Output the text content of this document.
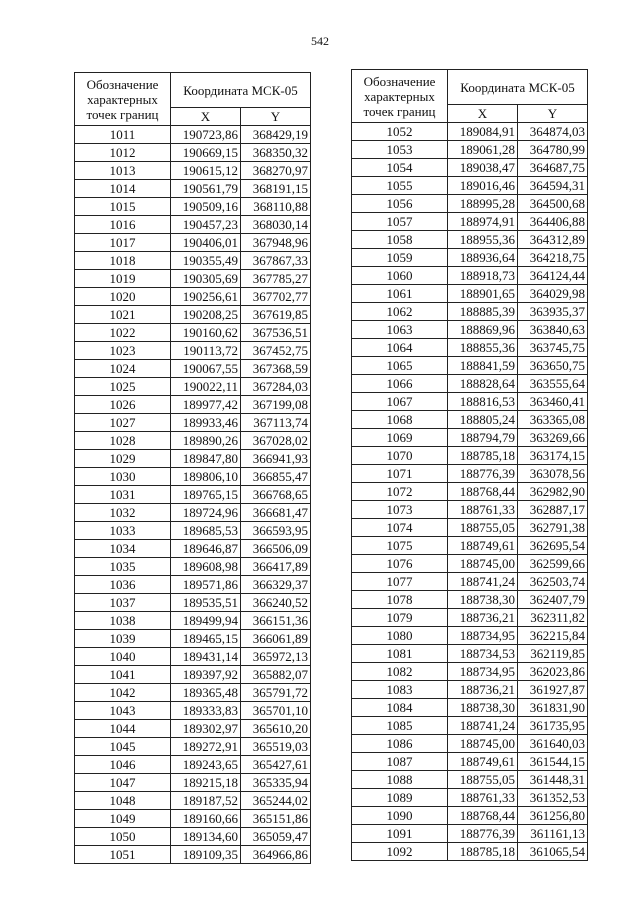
542
Обозначение характерных точек границ	Координата МСК-05	
	X	Y
1011	190723,86	368429,19
1012	190669,15	368350,32
1013	190615,12	368270,97
1014	190561,79	368191,15
1015	190509,16	368110,88
1016	190457,23	368030,14
1017	190406,01	367948,96
1018	190355,49	367867,33
1019	190305,69	367785,27
1020	190256,61	367702,77
1021	190208,25	367619,85
1022	190160,62	367536,51
1023	190113,72	367452,75
1024	190067,55	367368,59
1025	190022,11	367284,03
1026	189977,42	367199,08
1027	189933,46	367113,74
1028	189890,26	367028,02
1029	189847,80	366941,93
1030	189806,10	366855,47
1031	189765,15	366768,65
1032	189724,96	366681,47
1033	189685,53	366593,95
1034	189646,87	366506,09
1035	189608,98	366417,89
1036	189571,86	366329,37
1037	189535,51	366240,52
1038	189499,94	366151,36
1039	189465,15	366061,89
1040	189431,14	365972,13
1041	189397,92	365882,07
1042	189365,48	365791,72
1043	189333,83	365701,10
1044	189302,97	365610,20
1045	189272,91	365519,03
1046	189243,65	365427,61
1047	189215,18	365335,94
1048	189187,52	365244,02
1049	189160,66	365151,86
1050	189134,60	365059,47
1051	189109,35	364966,86
Обозначение характерных точек границ	Координата МСК-05	
	X	Y
1052	189084,91	364874,03
1053	189061,28	364780,99
1054	189038,47	364687,75
1055	189016,46	364594,31
1056	188995,28	364500,68
1057	188974,91	364406,88
1058	188955,36	364312,89
1059	188936,64	364218,75
1060	188918,73	364124,44
1061	188901,65	364029,98
1062	188885,39	363935,37
1063	188869,96	363840,63
1064	188855,36	363745,75
1065	188841,59	363650,75
1066	188828,64	363555,64
1067	188816,53	363460,41
1068	188805,24	363365,08
1069	188794,79	363269,66
1070	188785,18	363174,15
1071	188776,39	363078,56
1072	188768,44	362982,90
1073	188761,33	362887,17
1074	188755,05	362791,38
1075	188749,61	362695,54
1076	188745,00	362599,66
1077	188741,24	362503,74
1078	188738,30	362407,79
1079	188736,21	362311,82
1080	188734,95	362215,84
1081	188734,53	362119,85
1082	188734,95	362023,86
1083	188736,21	361927,87
1084	188738,30	361831,90
1085	188741,24	361735,95
1086	188745,00	361640,03
1087	188749,61	361544,15
1088	188755,05	361448,31
1089	188761,33	361352,53
1090	188768,44	361256,80
1091	188776,39	361161,13
1092	188785,18	361065,54
